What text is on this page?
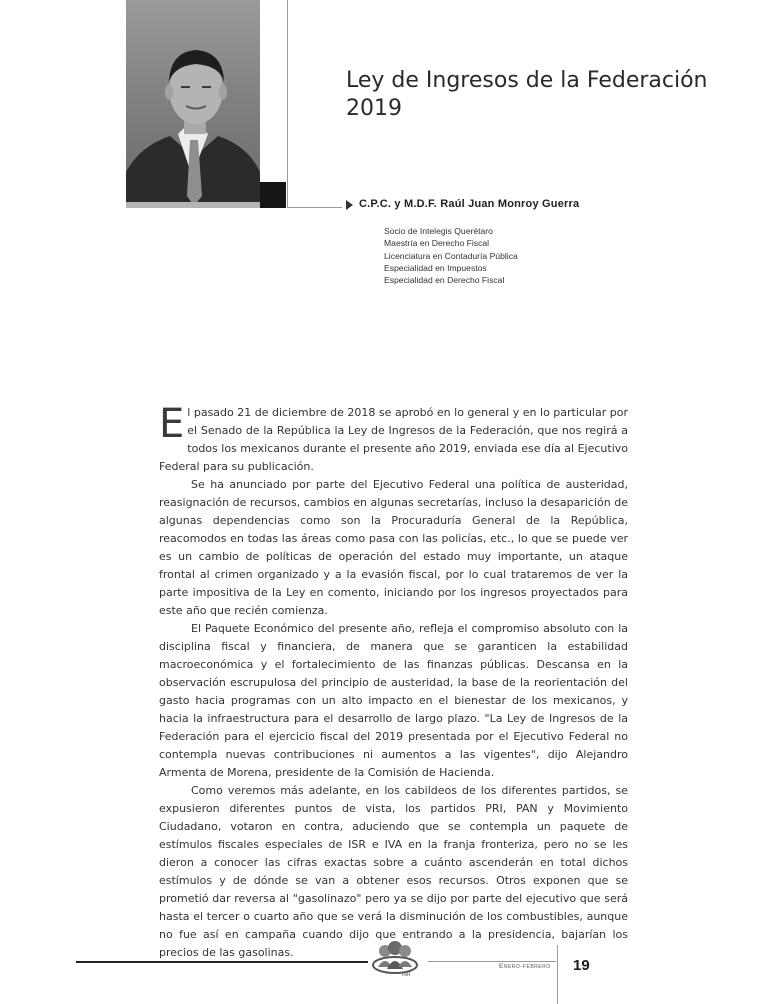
Ley de Ingresos de la Federación
2019

C.P.C. y M.D.F. Raúl Juan Monroy Guerra

Socio de Intelegis Querétaro
Maestría en Derecho Fiscal
Licenciatura en Contaduría Pública
Especialidad en Impuestos
Especialidad en Derecho Fiscal

El pasado 21 de diciembre de 2018 se aprobó en lo general y en lo particular por el Senado de la República la Ley de Ingresos de la Federación, que nos regirá a todos los mexicanos durante el presente año 2019, enviada ese día al Ejecutivo Federal para su publicación.

Se ha anunciado por parte del Ejecutivo Federal una política de austeridad, reasignación de recursos, cambios en algunas secretarías, incluso la desaparición de algunas dependencias como son la Procuraduría General de la República, reacomodos en todas las áreas como pasa con las policías, etc., lo que se puede ver es un cambio de políticas de operación del estado muy importante, un ataque frontal al crimen organizado y a la evasión fiscal, por lo cual trataremos de ver la parte impositiva de la Ley en comento, iniciando por los ingresos proyectados para este año que recién comienza.

El Paquete Económico del presente año, refleja el compromiso absoluto con la disciplina fiscal y financiera, de manera que se garanticen la estabilidad macroeconómica y el fortalecimiento de las finanzas públicas. Descansa en la observación escrupulosa del principio de austeridad, la base de la reorientación del gasto hacia programas con un alto impacto en el bienestar de los mexicanos, y hacia la infraestructura para el desarrollo de largo plazo. "La Ley de Ingresos de la Federación para el ejercicio fiscal del 2019 presentada por el Ejecutivo Federal no contempla nuevas contribuciones ni aumentos a las vigentes", dijo Alejandro Armenta de Morena, presidente de la Comisión de Hacienda.

Como veremos más adelante, en los cabildeos de los diferentes partidos, se expusieron diferentes puntos de vista, los partidos PRI, PAN y Movimiento Ciudadano, votaron en contra, aduciendo que se contempla un paquete de estímulos fiscales especiales de ISR e IVA en la franja fronteriza, pero no se les dieron a conocer las cifras exactas sobre a cuánto ascenderán en total dichos estímulos y de dónde se van a obtener esos recursos. Otros exponen que se prometió dar reversa al "gasolinazo" pero ya se dijo por parte del ejecutivo que será hasta el tercer o cuarto año que se verá la disminución de los combustibles, aunque no fue así en campaña cuando dijo que entrando a la presidencia, bajarían los precios de las gasolinas.

INR
Enero-febrero 19
